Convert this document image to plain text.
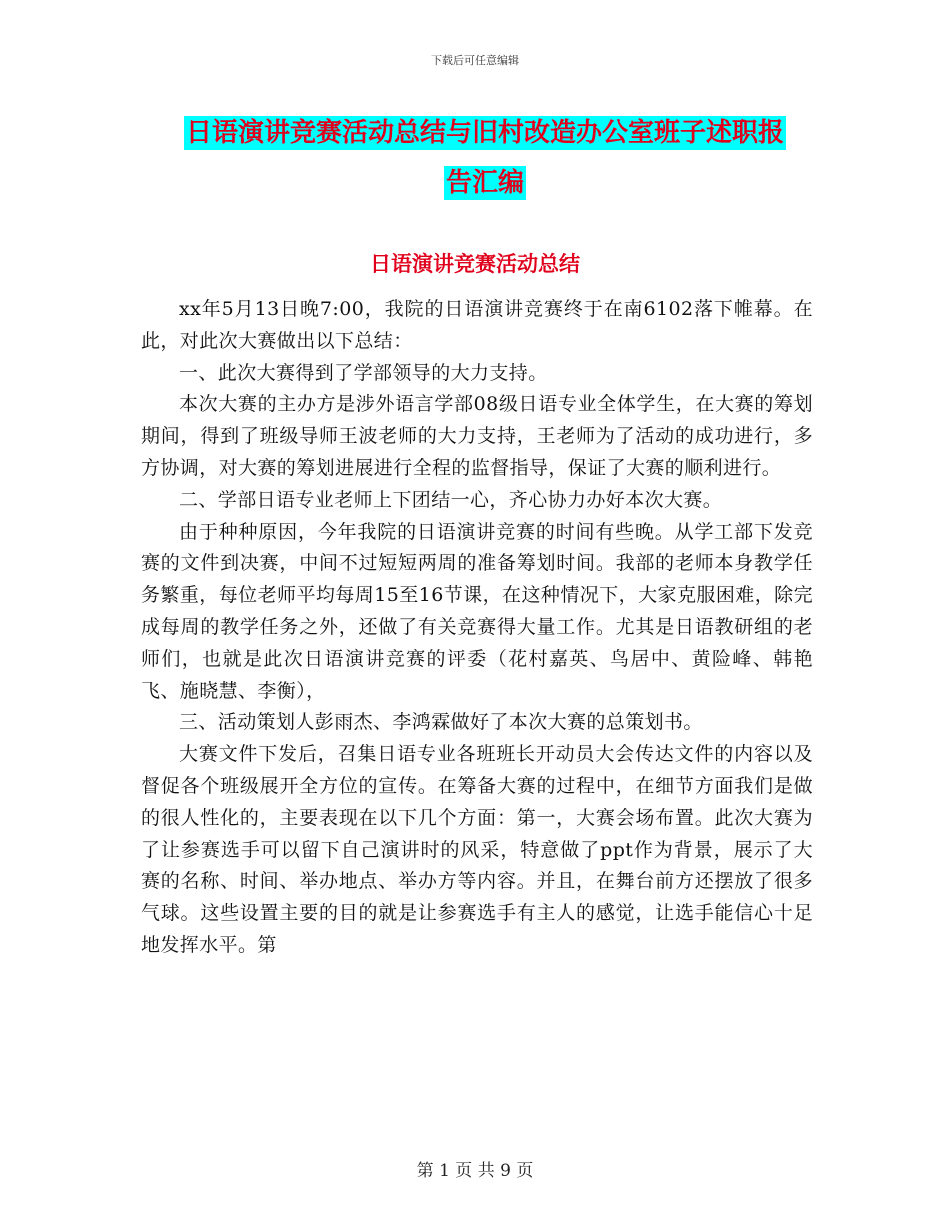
下载后可任意编辑
日语演讲竞赛活动总结与旧村改造办公室班子述职报
告汇编
日语演讲竞赛活动总结

xx年5月13日晚7:00，我院的日语演讲竞赛终于在南6102落下帷幕。在此，对此次大赛做出以下总结：

一、此次大赛得到了学部领导的大力支持。

本次大赛的主办方是涉外语言学部08级日语专业全体学生，在大赛的筹划期间，得到了班级导师王波老师的大力支持，王老师为了活动的成功进行，多方协调，对大赛的筹划进展进行全程的监督指导，保证了大赛的顺利进行。

二、学部日语专业老师上下团结一心，齐心协力办好本次大赛。

由于种种原因，今年我院的日语演讲竞赛的时间有些晚。从学工部下发竞赛的文件到决赛，中间不过短短两周的准备筹划时间。我部的老师本身教学任务繁重，每位老师平均每周15至16节课，在这种情况下，大家克服困难，除完成每周的教学任务之外，还做了有关竞赛得大量工作。尤其是日语教研组的老师们，也就是此次日语演讲竞赛的评委（花村嘉英、鸟居中、黄险峰、韩艳飞、施晓慧、李衡），

三、活动策划人彭雨杰、李鸿霖做好了本次大赛的总策划书。

大赛文件下发后，召集日语专业各班班长开动员大会传达文件的内容以及督促各个班级展开全方位的宣传。在筹备大赛的过程中，在细节方面我们是做的很人性化的，主要表现在以下几个方面：第一，大赛会场布置。此次大赛为了让参赛选手可以留下自己演讲时的风采，特意做了ppt作为背景，展示了大赛的名称、时间、举办地点、举办方等内容。并且，在舞台前方还摆放了很多气球。这些设置主要的目的就是让参赛选手有主人的感觉，让选手能信心十足地发挥水平。第

第 1 页 共 9 页
